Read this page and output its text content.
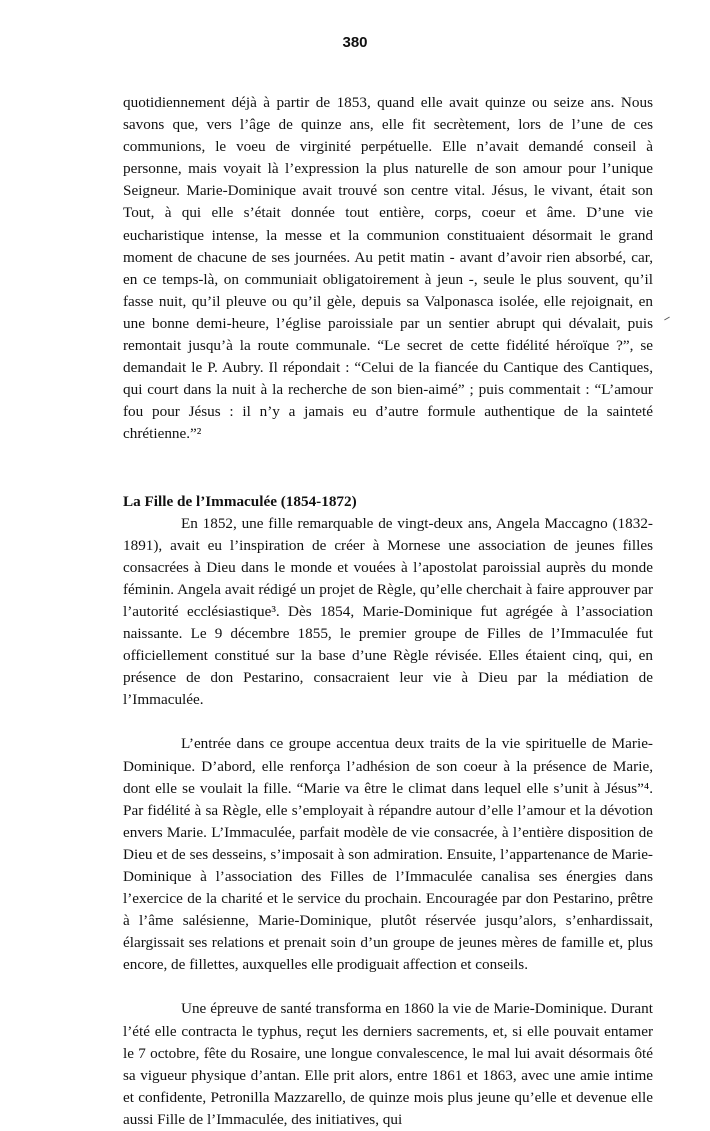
380

quotidiennement déjà à partir de 1853, quand elle avait quinze ou seize ans. Nous savons que, vers l’âge de quinze ans, elle fit secrètement, lors de l’une de ces communions, le voeu de virginité perpétuelle. Elle n’avait demandé conseil à personne, mais voyait là l’expression la plus naturelle de son amour pour l’unique Seigneur. Marie-Dominique avait trouvé son centre vital. Jésus, le vivant, était son Tout, à qui elle s’était donnée tout entière, corps, coeur et âme. D’une vie eucharistique intense, la messe et la communion constituaient désormait le grand moment de chacune de ses journées. Au petit matin - avant d’avoir rien absorbé, car, en ce temps-là, on communiait obligatoirement à jeun -, seule le plus souvent, qu’il fasse nuit, qu’il pleuve ou qu’il gèle, depuis sa Valponasca isolée, elle rejoignait, en une bonne demi-heure, l’église paroissiale par un sentier abrupt qui dévalait, puis remontait jusqu’à la route communale. “Le secret de cette fidélité héroïque ?”, se demandait le P. Aubry. Il répondait : “Celui de la fiancée du Cantique des Cantiques, qui court dans la nuit à la recherche de son bien-aimé” ; puis commentait : “L’amour fou pour Jésus : il n’y a jamais eu d’autre formule authentique de la sainteté chrétienne.”²

La Fille de l’Immaculée (1854-1872)

En 1852, une fille remarquable de vingt-deux ans, Angela Maccagno (1832-1891), avait eu l’inspiration de créer à Mornese une association de jeunes filles consacrées à Dieu dans le monde et vouées à l’apostolat paroissial auprès du monde féminin. Angela avait rédigé un projet de Règle, qu’elle cherchait à faire approuver par l’autorité ecclésiastique³. Dès 1854, Marie-Dominique fut agrégée à l’association naissante. Le 9 décembre 1855, le premier groupe de Filles de l’Immaculée fut officiellement constitué sur la base d’une Règle révisée. Elles étaient cinq, qui, en présence de don Pestarino, consacraient leur vie à Dieu par la médiation de l’Immaculée.

L’entrée dans ce groupe accentua deux traits de la vie spirituelle de Marie-Dominique. D’abord, elle renforça l’adhésion de son coeur à la présence de Marie, dont elle se voulait la fille. “Marie va être le climat dans lequel elle s’unit à Jésus”⁴. Par fidélité à sa Règle, elle s’employait à répandre autour d’elle l’amour et la dévotion envers Marie. L’Immaculée, parfait modèle de vie consacrée, à l’entière disposition de Dieu et de ses desseins, s’imposait à son admiration. Ensuite, l’appartenance de Marie-Dominique à l’association des Filles de l’Immaculée canalisa ses énergies dans l’exercice de la charité et le service du prochain. Encouragée par don Pestarino, prêtre à l’âme salésienne, Marie-Dominique, plutôt réservée jusqu’alors, s’enhardissait, élargissait ses relations et prenait soin d’un groupe de jeunes mères de famille et, plus encore, de fillettes, auxquelles elle prodiguait affection et conseils.

Une épreuve de santé transforma en 1860 la vie de Marie-Dominique. Durant l’été elle contracta le typhus, reçut les derniers sacrements, et, si elle pouvait entamer le 7 octobre, fête du Rosaire, une longue convalescence, le mal lui avait désormais ôté sa vigueur physique d’antan. Elle prit alors, entre 1861 et 1863, avec une amie intime et confidente, Petronilla Mazzarello, de quinze mois plus jeune qu’elle et devenue elle aussi Fille de l’Immaculée, des initiatives, qui
